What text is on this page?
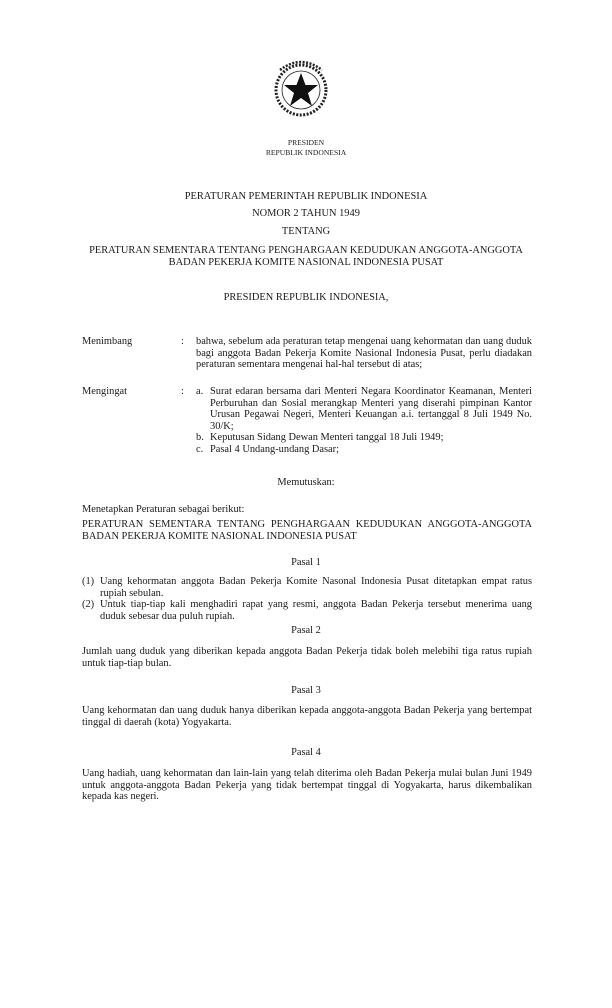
PRESIDEN
REPUBLIK INDONESIA
PERATURAN PEMERINTAH REPUBLIK INDONESIA
NOMOR 2 TAHUN 1949
TENTANG
PERATURAN SEMENTARA TENTANG PENGHARGAAN KEDUDUKAN ANGGOTA-ANGGOTA
BADAN PEKERJA KOMITE NASIONAL INDONESIA PUSAT
PRESIDEN REPUBLIK INDONESIA,
Menimbang	: bahwa, sebelum ada peraturan tetap mengenai uang kehormatan dan uang duduk bagi anggota Badan Pekerja Komite Nasional Indonesia Pusat, perlu diadakan peraturan sementara mengenai hal-hal tersebut di atas;
Mengingat	: a. Surat edaran bersama dari Menteri Negara Koordinator Keamanan, Menteri Perburuhan dan Sosial merangkap Menteri yang diserahi pimpinan Kantor Urusan Pegawai Negeri, Menteri Keuangan a.i. tertanggal 8 Juli 1949 No. 30/K;
b. Keputusan Sidang Dewan Menteri tanggal 18 Juli 1949;
c. Pasal 4 Undang-undang Dasar;
Memutuskan:
Menetapkan Peraturan sebagai berikut:
PERATURAN SEMENTARA TENTANG PENGHARGAAN KEDUDUKAN ANGGOTA-ANGGOTA BADAN PEKERJA KOMITE NASIONAL INDONESIA PUSAT
Pasal 1
(1) Uang kehormatan anggota Badan Pekerja Komite Nasonal Indonesia Pusat ditetapkan empat ratus rupiah sebulan.
(2) Untuk tiap-tiap kali menghadiri rapat yang resmi, anggota Badan Pekerja tersebut menerima uang duduk sebesar dua puluh rupiah.
Pasal 2
Jumlah uang duduk yang diberikan kepada anggota Badan Pekerja tidak boleh melebihi tiga ratus rupiah untuk tiap-tiap bulan.
Pasal 3
Uang kehormatan dan uang duduk hanya diberikan kepada anggota-anggota Badan Pekerja yang bertempat tinggal di daerah (kota) Yogyakarta.
Pasal 4
Uang hadiah, uang kehormatan dan lain-lain yang telah diterima oleh Badan Pekerja mulai bulan Juni 1949 untuk anggota-anggota Badan Pekerja yang tidak bertempat tinggal di Yogyakarta, harus dikembalikan kepada kas negeri.
